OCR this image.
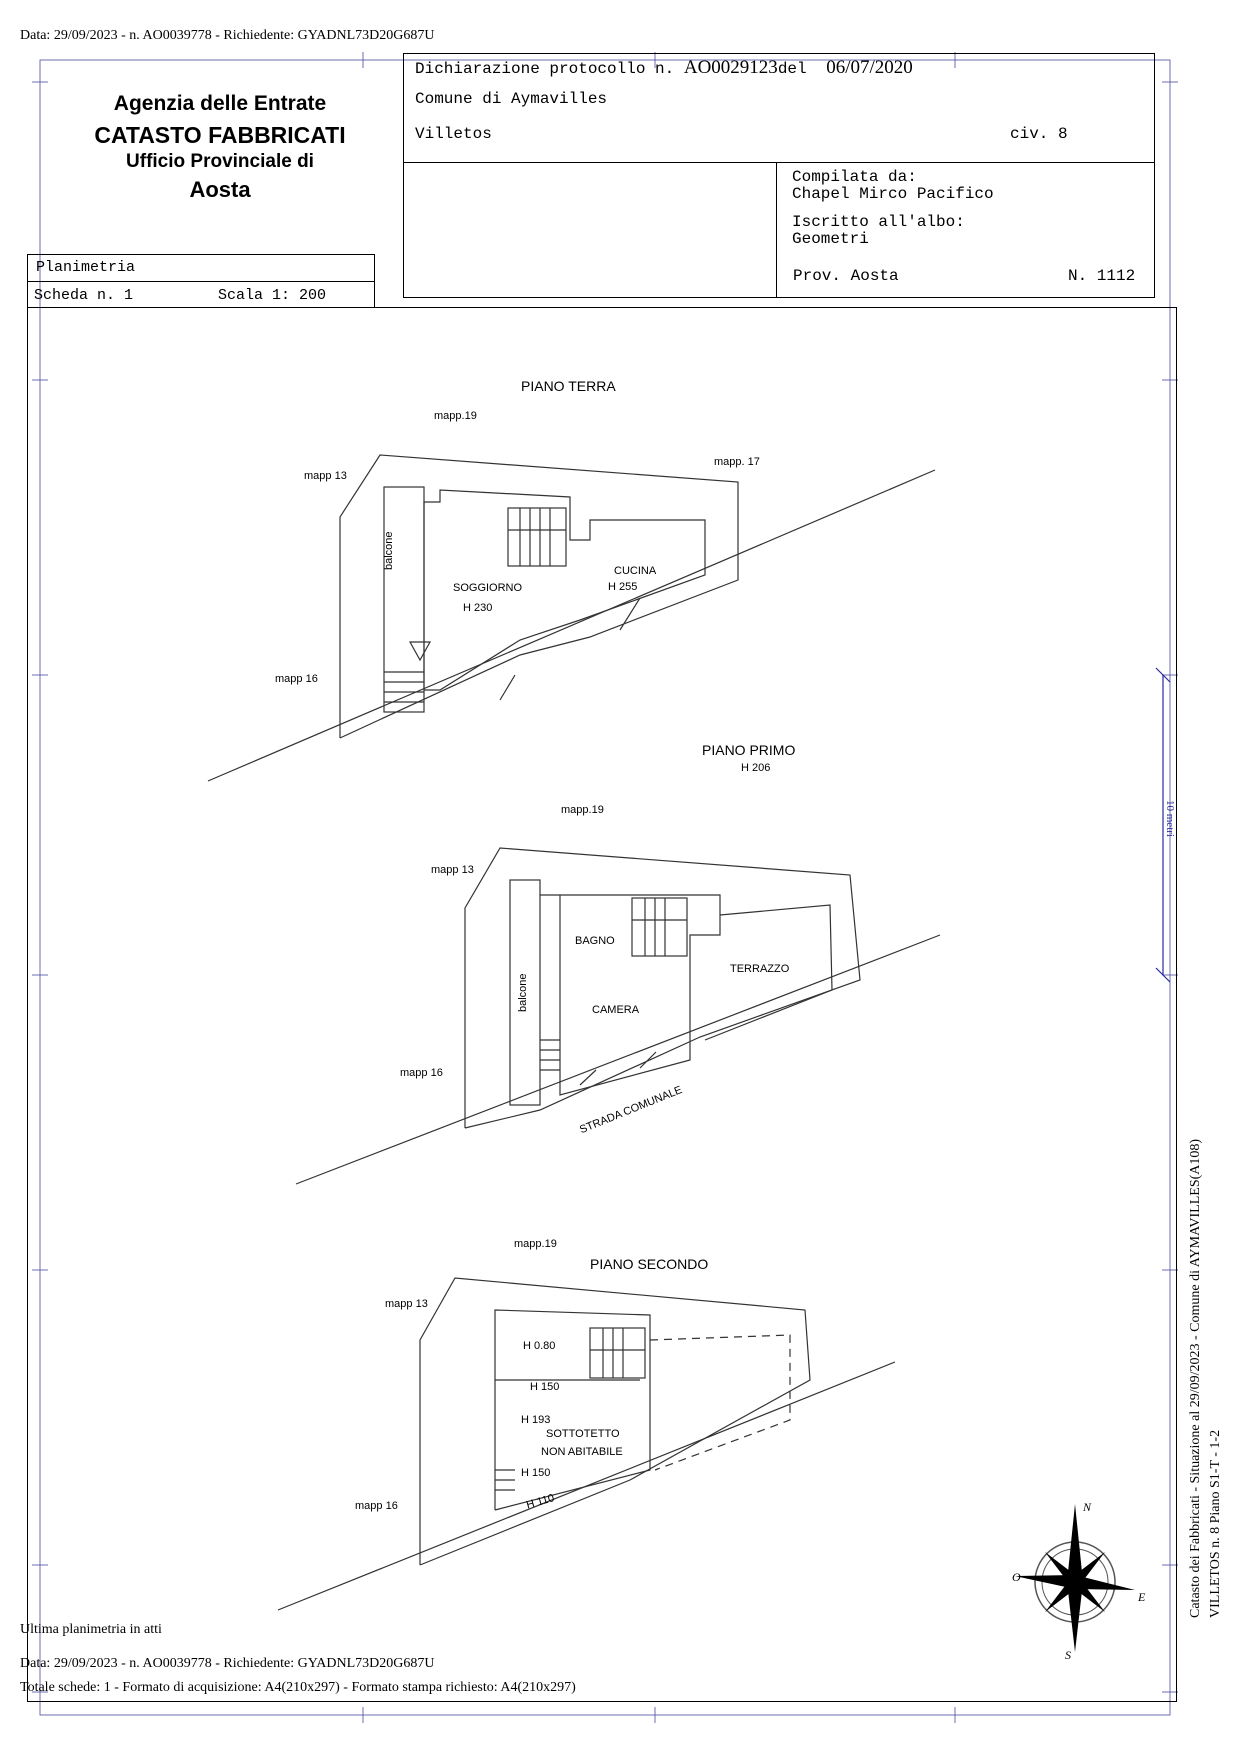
Data: 29/09/2023 - n. AO0039778 - Richiedente: GYADNL73D20G687U
Agenzia delle Entrate
CATASTO FABBRICATI
Ufficio Provinciale di
Aosta
Dichiarazione protocollo n. AO0029123del 06/07/2020
Comune di Aymavilles
Villetos	civ. 8
Compilata da:
Chapel Mirco Pacifico
Iscritto all'albo:
Geometri
Prov. Aosta	N. 1112
Planimetria
Scheda n. 1	Scala 1: 200
PIANO TERRA
mapp.19
mapp 13
mapp. 17
mapp 16
balcone
SOGGIORNO
H 230
CUCINA
H 255
PIANO PRIMO
H 206
mapp.19
mapp 13
mapp 16
balcone
BAGNO
CAMERA
TERRAZZO
STRADA COMUNALE
PIANO SECONDO
mapp.19
mapp 13
mapp 16
H 0.80
H 150
H 193
SOTTOTETTO
NON ABITABILE
H 150
H 110
10 metri
N
S
E
O	Catasto dei Fabbricati - Situazione al 29/09/2023 - Comune di AYMAVILLES(A108) VILLETOS n. 8 Piano S1-T - 1-2
Ultima planimetria in atti
Data: 29/09/2023 - n. AO0039778 - Richiedente: GYADNL73D20G687U
Totale schede: 1 - Formato di acquisizione: A4(210x297) - Formato stampa richiesto: A4(210x297)
